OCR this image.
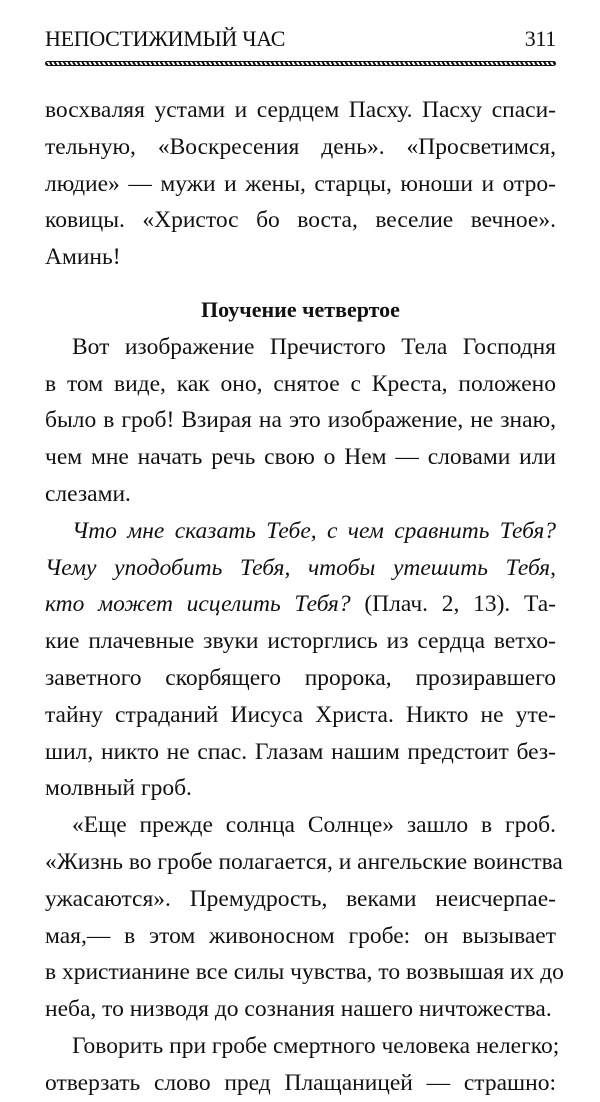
НЕПОСТИЖИМЫЙ ЧАС	311
восхваляя устами и сердцем Пасху. Пасху спаси-
тельную, «Воскресения день». «Просветимся,
людие» — мужи и жены, старцы, юноши и отро-
ковицы. «Христос бо воста, веселие вечное».
Аминь!
Поучение четвертое
Вот изображение Пречистого Тела Господня
в том виде, как оно, снятое с Креста, положено
было в гроб! Взирая на это изображение, не знаю,
чем мне начать речь свою о Нем — словами или
слезами.
Что мне сказать Тебе, с чем сравнить Тебя?
Чему уподобить Тебя, чтобы утешить Тебя,
кто может исцелить Тебя? (Плач. 2, 13). Та-
кие плачевные звуки исторглись из сердца ветхо-
заветного скорбящего пророка, прозиравшего
тайну страданий Иисуса Христа. Никто не уте-
шил, никто не спас. Глазам нашим предстоит без-
молвный гроб.
«Еще прежде солнца Солнце» зашло в гроб.
«Жизнь во гробе полагается, и ангельские воинства
ужасаются». Премудрость, веками неисчерпае-
мая,— в этом живоносном гробе: он вызывает
в христианине все силы чувства, то возвышая их до
неба, то низводя до сознания нашего ничтожества.
Говорить при гробе смертного человека нелегко;
отверзать слово пред Плащаницей — страшно:
